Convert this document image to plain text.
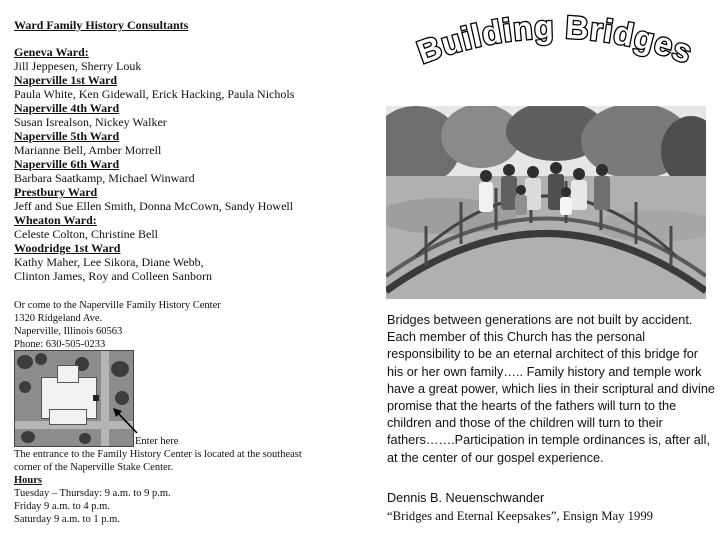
Ward Family History Consultants
Geneva Ward:
Jill Jeppesen, Sherry Louk
Naperville 1st Ward
Paula White, Ken Gidewall, Erick Hacking, Paula Nichols
Naperville 4th Ward
Susan Isrealson, Nickey Walker
Naperville 5th Ward
Marianne Bell, Amber Morrell
Naperville 6th Ward
Barbara Saatkamp, Michael Winward
Prestbury Ward
Jeff and Sue Ellen Smith, Donna McCown, Sandy Howell
Wheaton Ward:
Celeste Colton, Christine Bell
Woodridge 1st Ward
Kathy Maher, Lee Sikora, Diane Webb,
Clinton James, Roy and Colleen Sanborn
Or come to the Naperville Family History Center
1320 Ridgeland Ave.
Naperville, Illinois 60563
Phone: 630-505-0233
Enter here
The entrance to the Family History Center is located at the southeast
corner of the Naperville Stake Center.
Hours
Tuesday – Thursday: 9 a.m. to 9 p.m.
Friday 9 a.m. to 4 p.m.
Saturday 9 a.m. to 1 p.m.
Building Bridges
Bridges between generations are not built by accident. Each member of this Church has the personal responsibility to be an eternal architect of this bridge for his or her own family….. Family history and temple work have a great power, which lies in their scriptural and divine promise that the hearts of the fathers will turn to the children and those of the children will turn to their fathers…….Participation in temple ordinances is, after all, at the center of our gospel experience.
Dennis B. Neuenschwander
“Bridges and Eternal Keepsakes”, Ensign May 1999
